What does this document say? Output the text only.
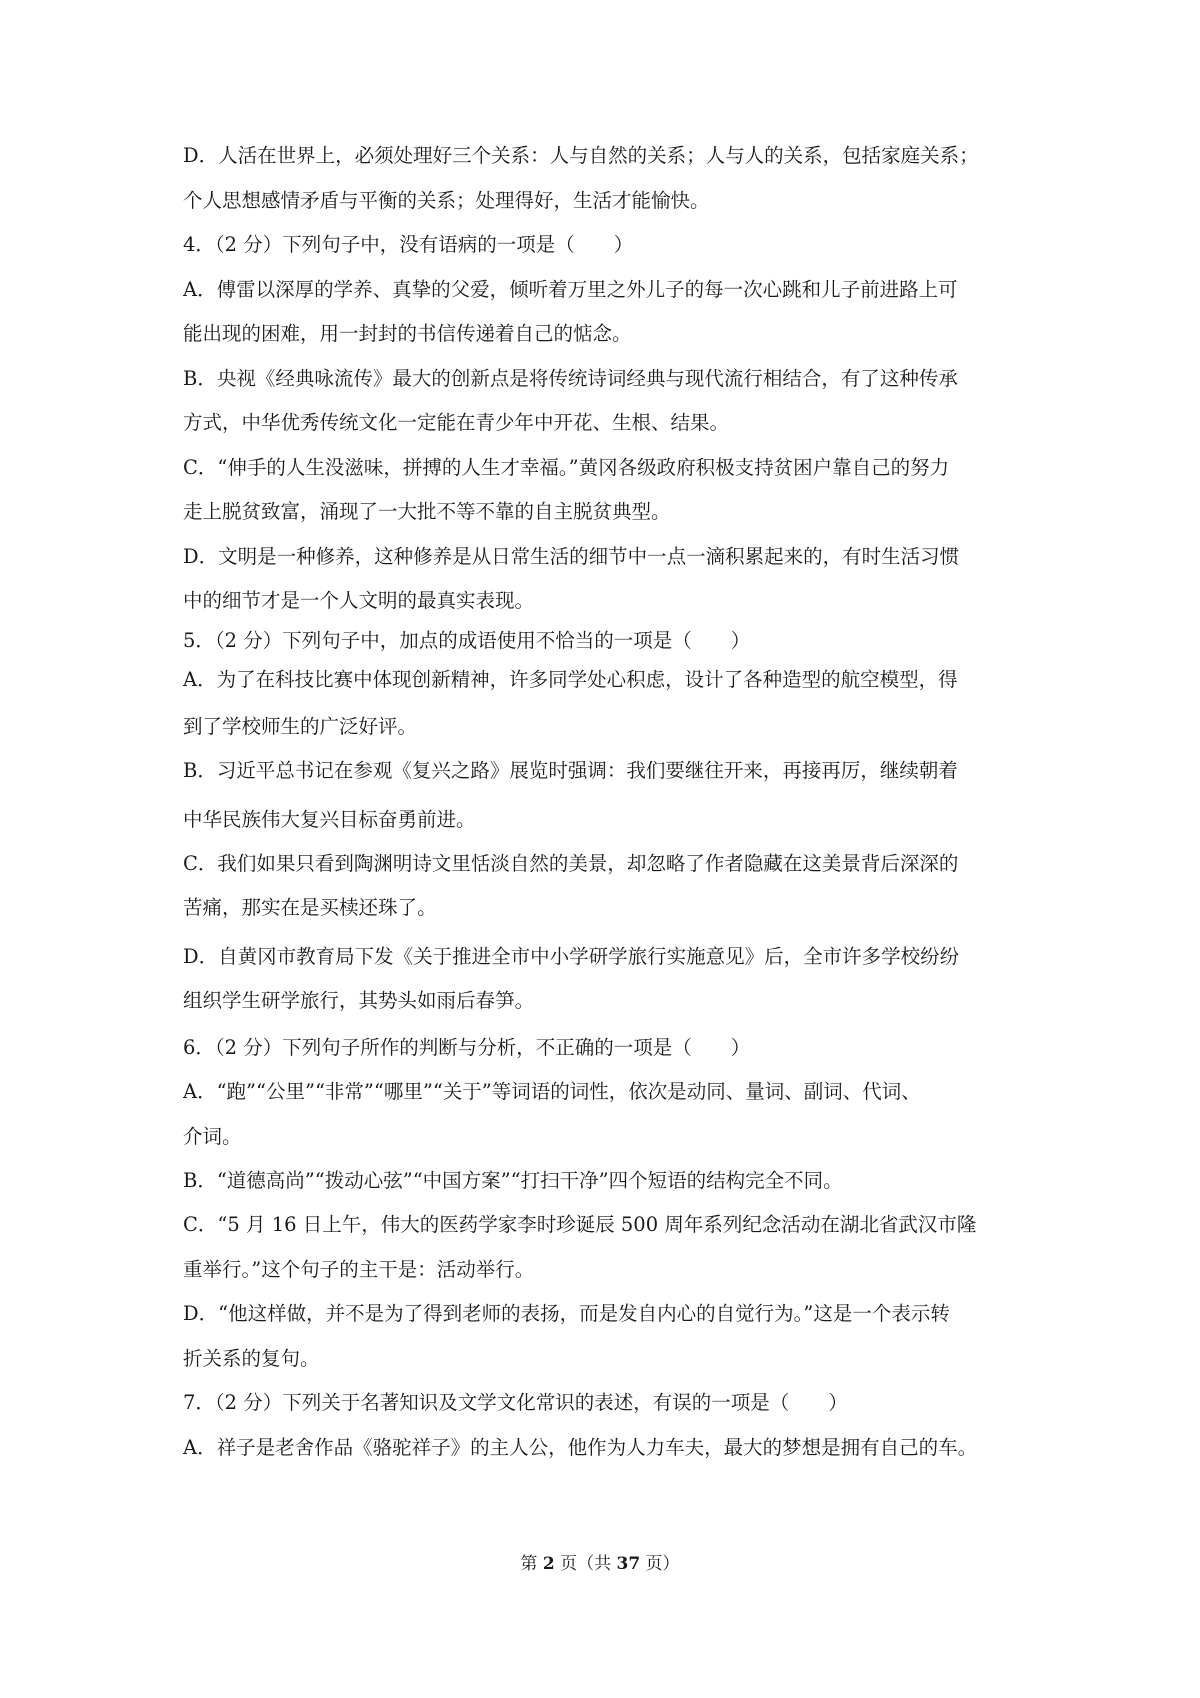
D．人活在世界上，必须处理好三个关系：人与自然的关系；人与人的关系，包括家庭关系；
个人思想感情矛盾与平衡的关系；处理得好，生活才能愉快。
4．（2 分）下列句子中，没有语病的一项是（　　）
A．傅雷以深厚的学养、真挚的父爱，倾听着万里之外儿子的每一次心跳和儿子前进路上可
能出现的困难，用一封封的书信传递着自己的惦念。
B．央视《经典咏流传》最大的创新点是将传统诗词经典与现代流行相结合，有了这种传承
方式，中华优秀传统文化一定能在青少年中开花、生根、结果。
C．“伸手的人生没滋味，拼搏的人生才幸福。”黄冈各级政府积极支持贫困户靠自己的努力
走上脱贫致富，涌现了一大批不等不靠的自主脱贫典型。
D．文明是一种修养，这种修养是从日常生活的细节中一点一滴积累起来的，有时生活习惯
中的细节才是一个人文明的最真实表现。
5．（2 分）下列句子中，加点的成语使用不恰当的一项是（　　）
A．为了在科技比赛中体现创新精神，许多同学处心积虑，设计了各种造型的航空模型，得
到了学校师生的广泛好评。
B．习近平总书记在参观《复兴之路》展览时强调：我们要继往开来，再接再厉，继续朝着
中华民族伟大复兴目标奋勇前进。
C．我们如果只看到陶渊明诗文里恬淡自然的美景，却忽略了作者隐藏在这美景背后深深的
苦痛，那实在是买椟还珠了。
D．自黄冈市教育局下发《关于推进全市中小学研学旅行实施意见》后，全市许多学校纷纷
组织学生研学旅行，其势头如雨后春笋。
6．（2 分）下列句子所作的判断与分析，不正确的一项是（　　）
A．“跑”“公里”“非常”“哪里”“关于”等词语的词性，依次是动同、量词、副词、代词、
介词。
B．“道德高尚”“拨动心弦”“中国方案”“打扫干净”四个短语的结构完全不同。
C．“5 月 16 日上午，伟大的医药学家李时珍诞辰 500 周年系列纪念活动在湖北省武汉市隆
重举行。”这个句子的主干是：活动举行。
D．“他这样做，并不是为了得到老师的表扬，而是发自内心的自觉行为。”这是一个表示转
折关系的复句。
7．（2 分）下列关于名著知识及文学文化常识的表述，有误的一项是（　　）
A．祥子是老舍作品《骆驼祥子》的主人公，他作为人力车夫，最大的梦想是拥有自己的车。
第 2 页（共 37 页）
